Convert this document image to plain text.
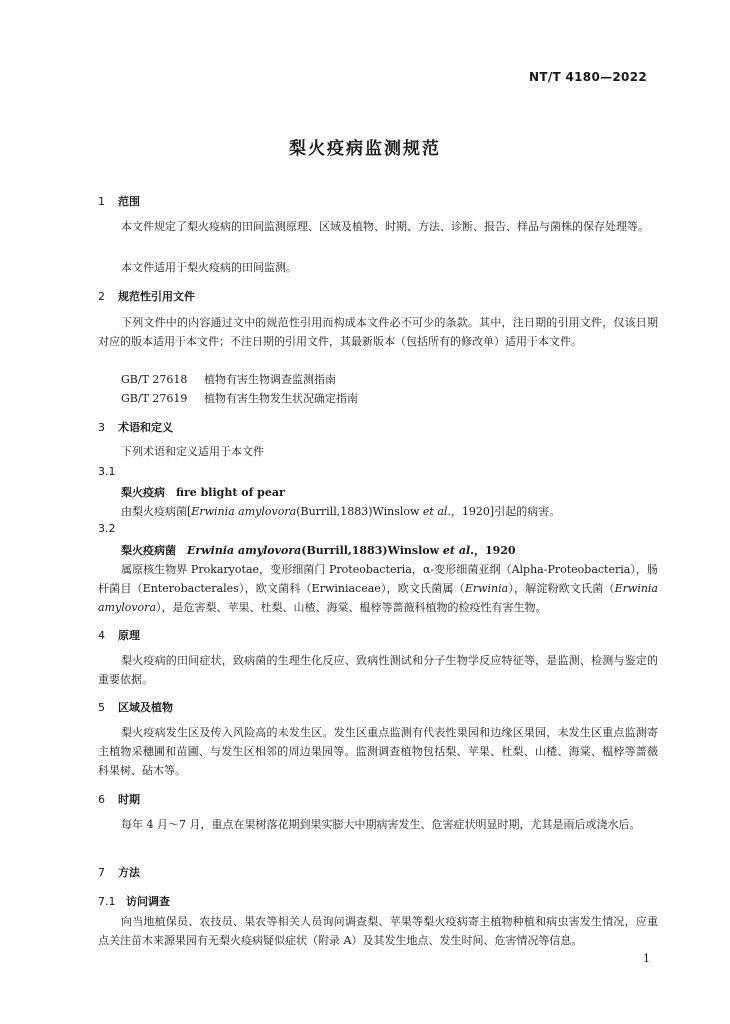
NT/T 4180—2022
梨火疫病监测规范
1 范围
本文件规定了梨火疫病的田间监测原理、区域及植物、时期、方法、诊断、报告、样品与菌株的保存处理等。
本文件适用于梨火疫病的田间监测。
2 规范性引用文件
下列文件中的内容通过文中的规范性引用而构成本文件必不可少的条款。其中，注日期的引用文件，仅该日期对应的版本适用于本文件；不注日期的引用文件，其最新版本（包括所有的修改单）适用于本文件。
GB/T 27618 植物有害生物调查监测指南
GB/T 27619 植物有害生物发生状况确定指南
3 术语和定义
下列术语和定义适用于本文件
3.1
梨火疫病　fire blight of pear
由梨火疫病菌[Erwinia amylovora(Burrill,1883)Winslow et al.，1920]引起的病害。
3.2
梨火疫病菌　Erwinia amylovora(Burrill,1883)Winslow et al.，1920
属原核生物界 Prokaryotae，变形细菌门 Proteobacteria，α-变形细菌亚纲（Alpha-Proteobacteria），肠杆菌目（Enterobacterales），欧文菌科（Erwiniaceae），欧文氏菌属（Erwinia），解淀粉欧文氏菌（Erwinia amylovora），是危害梨、苹果、杜梨、山楂、海棠、榅桲等蔷薇科植物的检疫性有害生物。
4 原理
梨火疫病的田间症状，致病菌的生理生化反应、致病性测试和分子生物学反应特征等，是监测、检测与鉴定的重要依据。
5 区域及植物
梨火疫病发生区及传入风险高的未发生区。发生区重点监测有代表性果园和边缘区果园，未发生区重点监测寄主植物采穗圃和苗圃、与发生区相邻的周边果园等。监测调查植物包括梨、苹果、杜梨、山楂、海棠、榅桲等蔷薇科果树、砧木等。
6 时期
每年 4 月～7 月，重点在果树落花期到果实膨大中期病害发生、危害症状明显时期，尤其是雨后或浇水后。
7 方法
7.1 访问调查
向当地植保员、农技员、果农等相关人员询问调查梨、苹果等梨火疫病寄主植物种植和病虫害发生情况，应重点关注苗木来源果园有无梨火疫病疑似症状（附录 A）及其发生地点、发生时间、危害情况等信息。
1
